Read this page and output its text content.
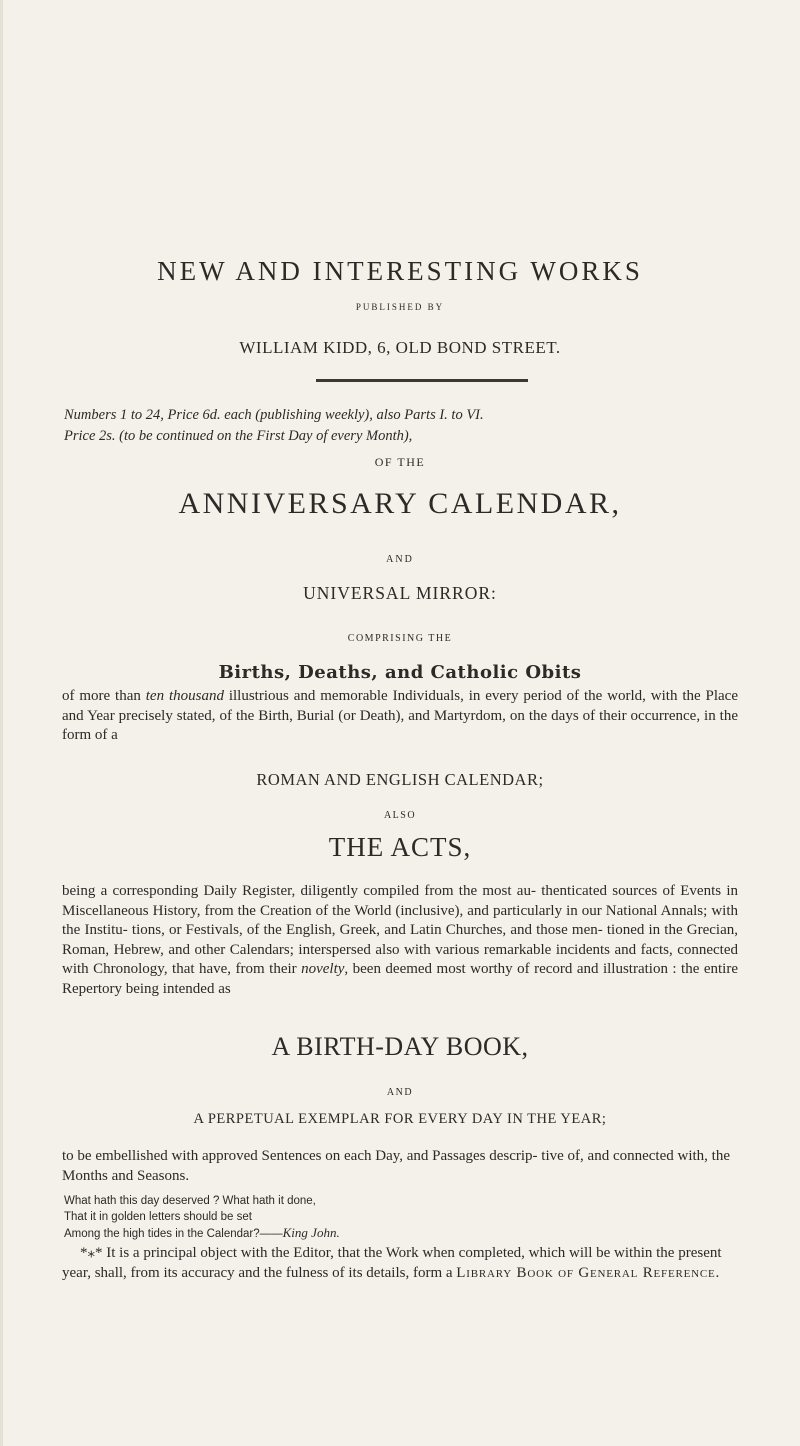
NEW AND INTERESTING WORKS
PUBLISHED BY
WILLIAM KIDD, 6, OLD BOND STREET.
Numbers 1 to 24, Price 6d. each (publishing weekly), also Parts I. to VI.
Price 2s. (to be continued on the First Day of every Month),
OF THE
ANNIVERSARY CALENDAR,
AND
UNIVERSAL MIRROR:
COMPRISING THE
Births, Deaths, and Catholic Obits
of more than ten thousand illustrious and memorable Individuals, in every period of the world, with the Place and Year precisely stated, of the Birth, Burial (or Death), and Martyrdom, on the days of their occurrence, in the form of a
ROMAN AND ENGLISH CALENDAR;
ALSO
THE ACTS,
being a corresponding Daily Register, diligently compiled from the most au- thenticated sources of Events in Miscellaneous History, from the Creation of the World (inclusive), and particularly in our National Annals; with the Institu- tions, or Festivals, of the English, Greek, and Latin Churches, and those men- tioned in the Grecian, Roman, Hebrew, and other Calendars; interspersed also with various remarkable incidents and facts, connected with Chronology, that have, from their novelty, been deemed most worthy of record and illustration : the entire Repertory being intended as
A BIRTH-DAY BOOK,
AND
A PERPETUAL EXEMPLAR FOR EVERY DAY IN THE YEAR;
to be embellished with approved Sentences on each Day, and Passages descrip- tive of, and connected with, the Months and Seasons.
What hath this day deserved ? What hath it done,
That it in golden letters should be set
Among the high tides in the Calendar?——King John.
*⁎* It is a principal object with the Editor, that the Work when completed, which will be within the present year, shall, from its accuracy and the fulness of its details, form a Library Book of General Reference.
